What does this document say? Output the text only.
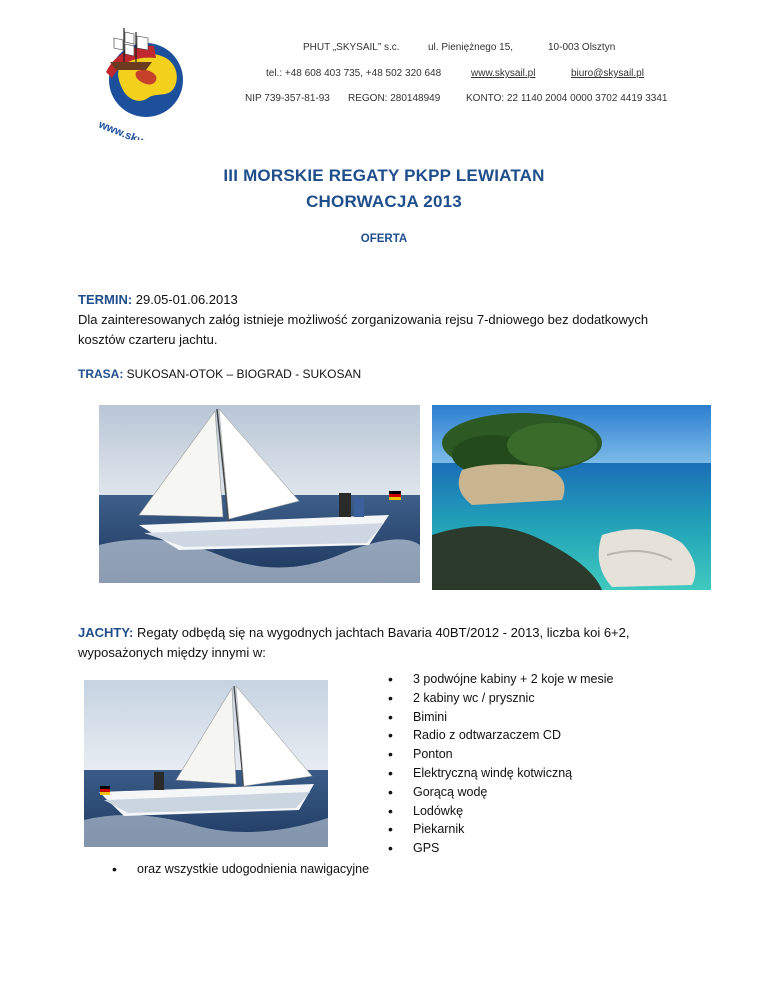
www.skysail.pl
PHUT „SKYSAIL” s.c.	ul. Pieniężnego 15,	10-003 Olsztyn
tel.: +48 608 403 735, +48 502 320 648	www.skysail.pl	biuro@skysail.pl
NIP 739-357-81-93 REGON: 280148949	KONTO: 22 1140 2004 0000 3702 4419 3341
III MORSKIE REGATY PKPP LEWIATAN
CHORWACJA 2013
OFERTA
TERMIN: 29.05-01.06.2013
Dla zainteresowanych załóg istnieje możliwość zorganizowania rejsu 7-dniowego bez dodatkowych kosztów czarteru jachtu.
TRASA: SUKOSAN-OTOK – BIOGRAD - SUKOSAN
JACHTY: Regaty odbędą się na wygodnych jachtach Bavaria 40BT/2012 - 2013, liczba koi 6+2, wyposażonych między innymi w:
• 3 podwójne kabiny + 2 koje w mesie
• 2 kabiny wc / prysznic
• Bimini
• Radio z odtwarzaczem CD
• Ponton
• Elektryczną windę kotwiczną
• Gorącą wodę
• Lodówkę
• Piekarnik
• GPS
• oraz wszystkie udogodnienia nawigacyjne
